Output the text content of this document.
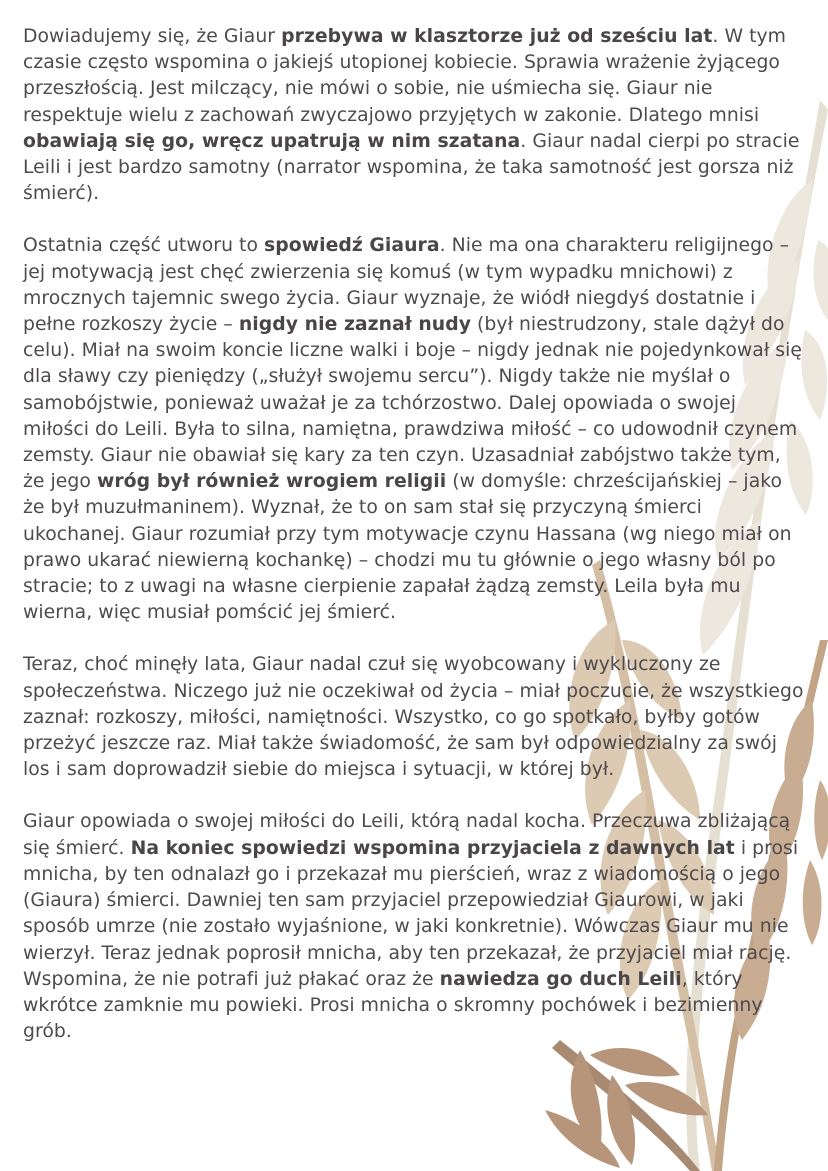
Dowiadujemy się, że Giaur przebywa w klasztorze już od sześciu lat. W tym czasie często wspomina o jakiejś utopionej kobiecie. Sprawia wrażenie żyjącego przeszłością. Jest milczący, nie mówi o sobie, nie uśmiecha się. Giaur nie respektuje wielu z zachowań zwyczajowo przyjętych w zakonie. Dlatego mnisi obawiają się go, wręcz upatrują w nim szatana. Giaur nadal cierpi po stracie Leili i jest bardzo samotny (narrator wspomina, że taka samotność jest gorsza niż śmierć).

Ostatnia część utworu to spowiedź Giaura. Nie ma ona charakteru religijnego – jej motywacją jest chęć zwierzenia się komuś (w tym wypadku mnichowi) z mrocznych tajemnic swego życia. Giaur wyznaje, że wiódł niegdyś dostatnie i pełne rozkoszy życie – nigdy nie zaznał nudy (był niestrudzony, stale dążył do celu). Miał na swoim koncie liczne walki i boje – nigdy jednak nie pojedynkował się dla sławy czy pieniędzy („służył swojemu sercu”). Nigdy także nie myślał o samobójstwie, ponieważ uważał je za tchórzostwo. Dalej opowiada o swojej miłości do Leili. Była to silna, namiętna, prawdziwa miłość – co udowodnił czynem zemsty. Giaur nie obawiał się kary za ten czyn. Uzasadniał zabójstwo także tym, że jego wróg był również wrogiem religii (w domyśle: chrześcijańskiej – jako że był muzułmaninem). Wyznał, że to on sam stał się przyczyną śmierci ukochanej. Giaur rozumiał przy tym motywacje czynu Hassana (wg niego miał on prawo ukarać niewierną kochankę) – chodzi mu tu głównie o jego własny ból po stracie; to z uwagi na własne cierpienie zapałał żądzą zemsty. Leila była mu wierna, więc musiał pomścić jej śmierć.

Teraz, choć minęły lata, Giaur nadal czuł się wyobcowany i wykluczony ze społeczeństwa. Niczego już nie oczekiwał od życia – miał poczucie, że wszystkiego zaznał: rozkoszy, miłości, namiętności. Wszystko, co go spotkało, byłby gotów przeżyć jeszcze raz. Miał także świadomość, że sam był odpowiedzialny za swój los i sam doprowadził siebie do miejsca i sytuacji, w której był.

Giaur opowiada o swojej miłości do Leili, którą nadal kocha. Przeczuwa zbliżającą się śmierć. Na koniec spowiedzi wspomina przyjaciela z dawnych lat i prosi mnicha, by ten odnalazł go i przekazał mu pierścień, wraz z wiadomością o jego (Giaura) śmierci. Dawniej ten sam przyjaciel przepowiedział Giaurowi, w jaki sposób umrze (nie zostało wyjaśnione, w jaki konkretnie). Wówczas Giaur mu nie wierzył. Teraz jednak poprosił mnicha, aby ten przekazał, że przyjaciel miał rację. Wspomina, że nie potrafi już płakać oraz że nawiedza go duch Leili, który wkrótce zamknie mu powieki. Prosi mnicha o skromny pochówek i bezimienny grób.
